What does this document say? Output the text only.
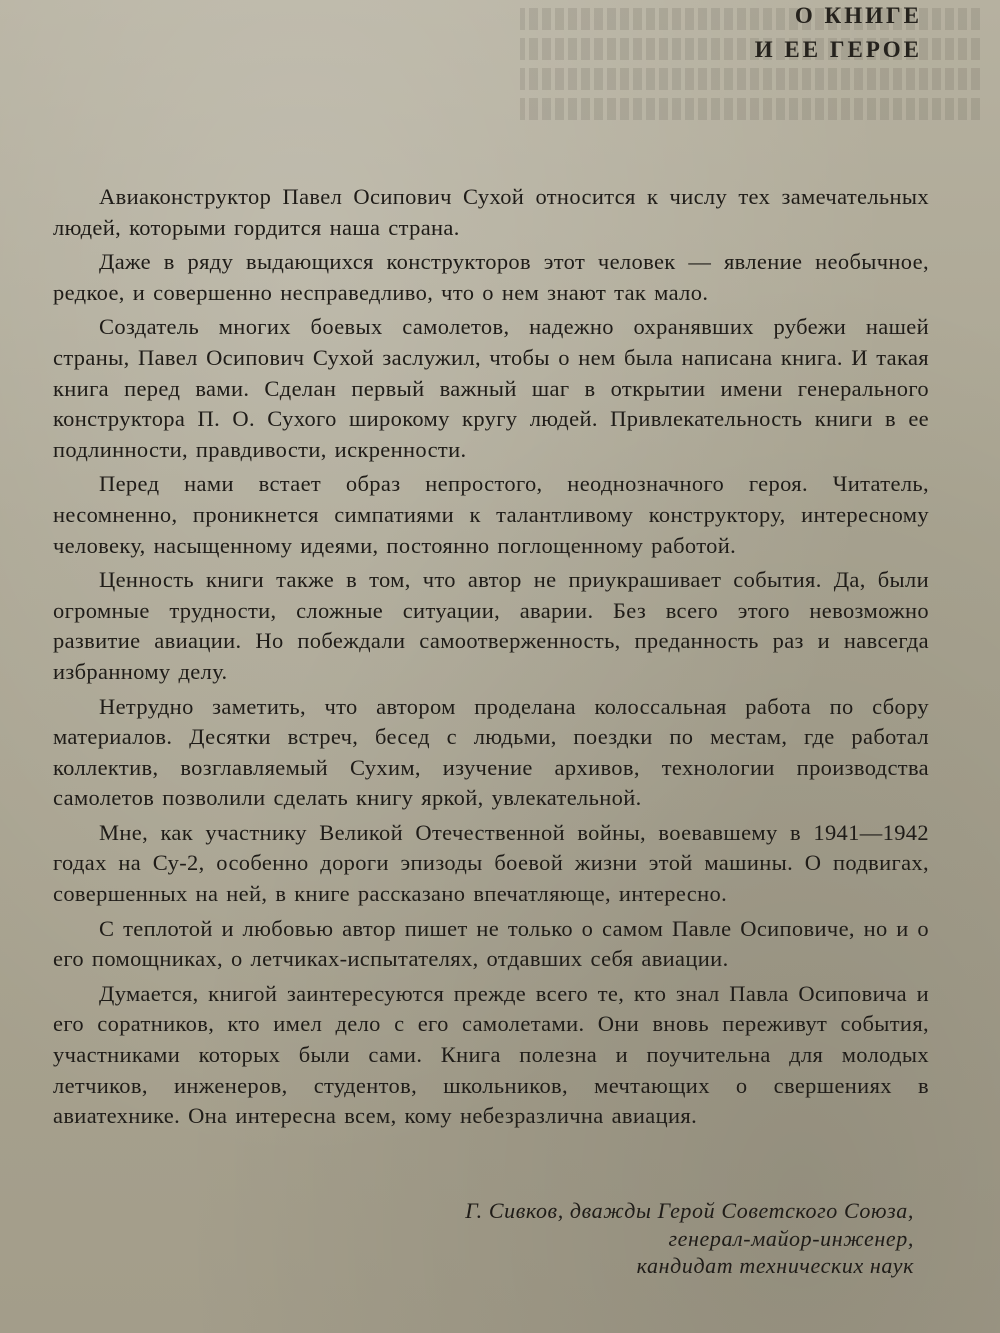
О КНИГЕ
И ЕЕ ГЕРОЕ

Авиаконструктор Павел Осипович Сухой относится к числу тех замечательных людей, которыми гордится наша страна.

Даже в ряду выдающихся конструкторов этот человек — явление необычное, редкое, и совершенно несправедливо, что о нем знают так мало.

Создатель многих боевых самолетов, надежно охранявших рубежи нашей страны, Павел Осипович Сухой заслужил, чтобы о нем была написана книга. И такая книга перед вами. Сделан первый важный шаг в открытии имени генерального конструктора П. О. Сухого широкому кругу людей. Привлекательность книги в ее подлинности, правдивости, искренности.

Перед нами встает образ непростого, неоднозначного героя. Читатель, несомненно, проникнется симпатиями к талантливому конструктору, интересному человеку, насыщенному идеями, постоянно поглощенному работой.

Ценность книги также в том, что автор не приукрашивает события. Да, были огромные трудности, сложные ситуации, аварии. Без всего этого невозможно развитие авиации. Но побеждали самоотверженность, преданность раз и навсегда избранному делу.

Нетрудно заметить, что автором проделана колоссальная работа по сбору материалов. Десятки встреч, бесед с людьми, поездки по местам, где работал коллектив, возглавляемый Сухим, изучение архивов, технологии производства самолетов позволили сделать книгу яркой, увлекательной.

Мне, как участнику Великой Отечественной войны, воевавшему в 1941—1942 годах на Су-2, особенно дороги эпизоды боевой жизни этой машины. О подвигах, совершенных на ней, в книге рассказано впечатляюще, интересно.

С теплотой и любовью автор пишет не только о самом Павле Осиповиче, но и о его помощниках, о летчиках-испытателях, отдавших себя авиации.

Думается, книгой заинтересуются прежде всего те, кто знал Павла Осиповича и его соратников, кто имел дело с его самолетами. Они вновь переживут события, участниками которых были сами. Книга полезна и поучительна для молодых летчиков, инженеров, студентов, школьников, мечтающих о свершениях в авиатехнике. Она интересна всем, кому небезразлична авиация.

Г. Сивков, дважды Герой Советского Союза,
генерал-майор-инженер,
кандидат технических наук
